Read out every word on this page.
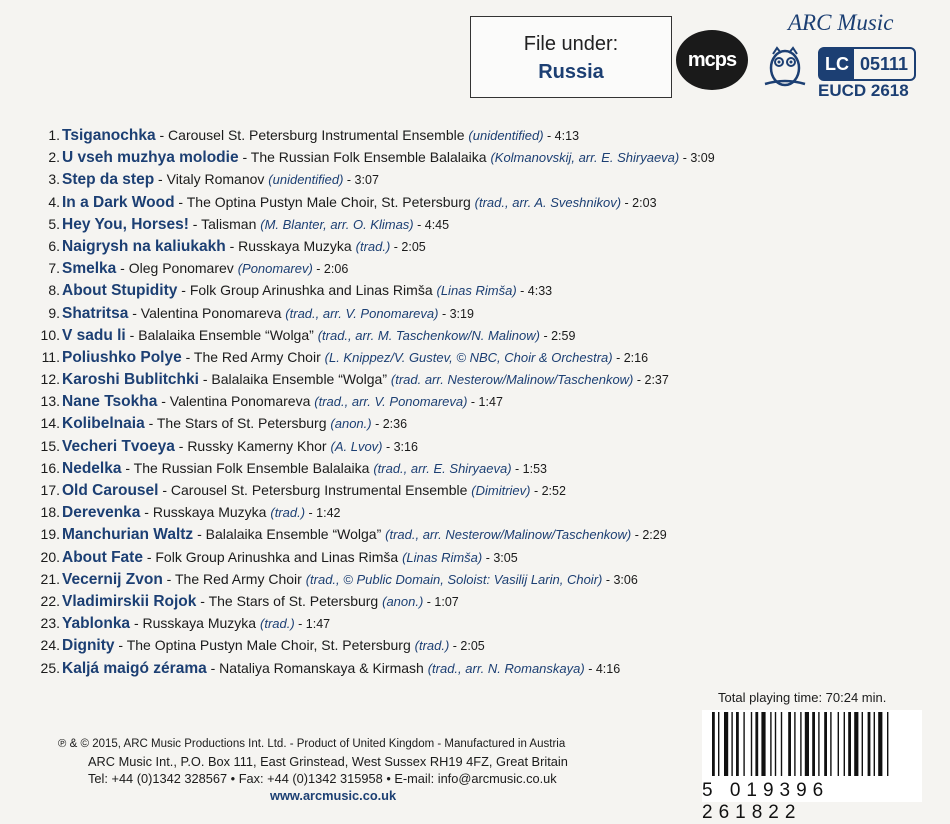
File under:
Russia
mcps
ARC Music
LC 05111
EUCD 2618
1. Tsiganochka - Carousel St. Petersburg Instrumental Ensemble (unidentified) - 4:13
2. U vseh muzhya molodie - The Russian Folk Ensemble Balalaika (Kolmanovskij, arr. E. Shiryaeva) - 3:09
3. Step da step - Vitaly Romanov (unidentified) - 3:07
4. In a Dark Wood - The Optina Pustyn Male Choir, St. Petersburg (trad., arr. A. Sveshnikov) - 2:03
5. Hey You, Horses! - Talisman (M. Blanter, arr. O. Klimas) - 4:45
6. Naigrysh na kaliukakh - Russkaya Muzyka (trad.) - 2:05
7. Smelka - Oleg Ponomarev (Ponomarev) - 2:06
8. About Stupidity - Folk Group Arinushka and Linas Rimša (Linas Rimša) - 4:33
9. Shatritsa - Valentina Ponomareva (trad., arr. V. Ponomareva) - 3:19
10. V sadu li - Balalaika Ensemble “Wolga” (trad., arr. M. Taschenkow/N. Malinow) - 2:59
11. Poliushko Polye - The Red Army Choir (L. Knippez/V. Gustev, © NBC, Choir & Orchestra) - 2:16
12. Karoshi Bublitchki - Balalaika Ensemble “Wolga” (trad. arr. Nesterow/Malinow/Taschenkow) - 2:37
13. Nane Tsokha - Valentina Ponomareva (trad., arr. V. Ponomareva) - 1:47
14. Kolibelnaia - The Stars of St. Petersburg (anon.) - 2:36
15. Vecheri Tvoeya - Russky Kamerny Khor (A. Lvov) - 3:16
16. Nedelka - The Russian Folk Ensemble Balalaika (trad., arr. E. Shiryaeva) - 1:53
17. Old Carousel - Carousel St. Petersburg Instrumental Ensemble (Dimitriev) - 2:52
18. Derevenka - Russkaya Muzyka (trad.) - 1:42
19. Manchurian Waltz - Balalaika Ensemble “Wolga” (trad., arr. Nesterow/Malinow/Taschenkow) - 2:29
20. About Fate - Folk Group Arinushka and Linas Rimša (Linas Rimša) - 3:05
21. Vecernij Zvon - The Red Army Choir (trad., © Public Domain, Soloist: Vasilij Larin, Choir) - 3:06
22. Vladimirskii Rojok - The Stars of St. Petersburg (anon.) - 1:07
23. Yablonka - Russkaya Muzyka (trad.) - 1:47
24. Dignity - The Optina Pustyn Male Choir, St. Petersburg (trad.) - 2:05
25. Kaljá maigó zérama - Nataliya Romanskaya & Kirmash (trad., arr. N. Romanskaya) - 4:16
Total playing time: 70:24 min.
5 019396 261822
℗ & © 2015, ARC Music Productions Int. Ltd. - Product of United Kingdom - Manufactured in Austria
ARC Music Int., P.O. Box 111, East Grinstead, West Sussex RH19 4FZ, Great Britain
Tel: +44 (0)1342 328567 • Fax: +44 (0)1342 315958 • E-mail: info@arcmusic.co.uk
www.arcmusic.co.uk
